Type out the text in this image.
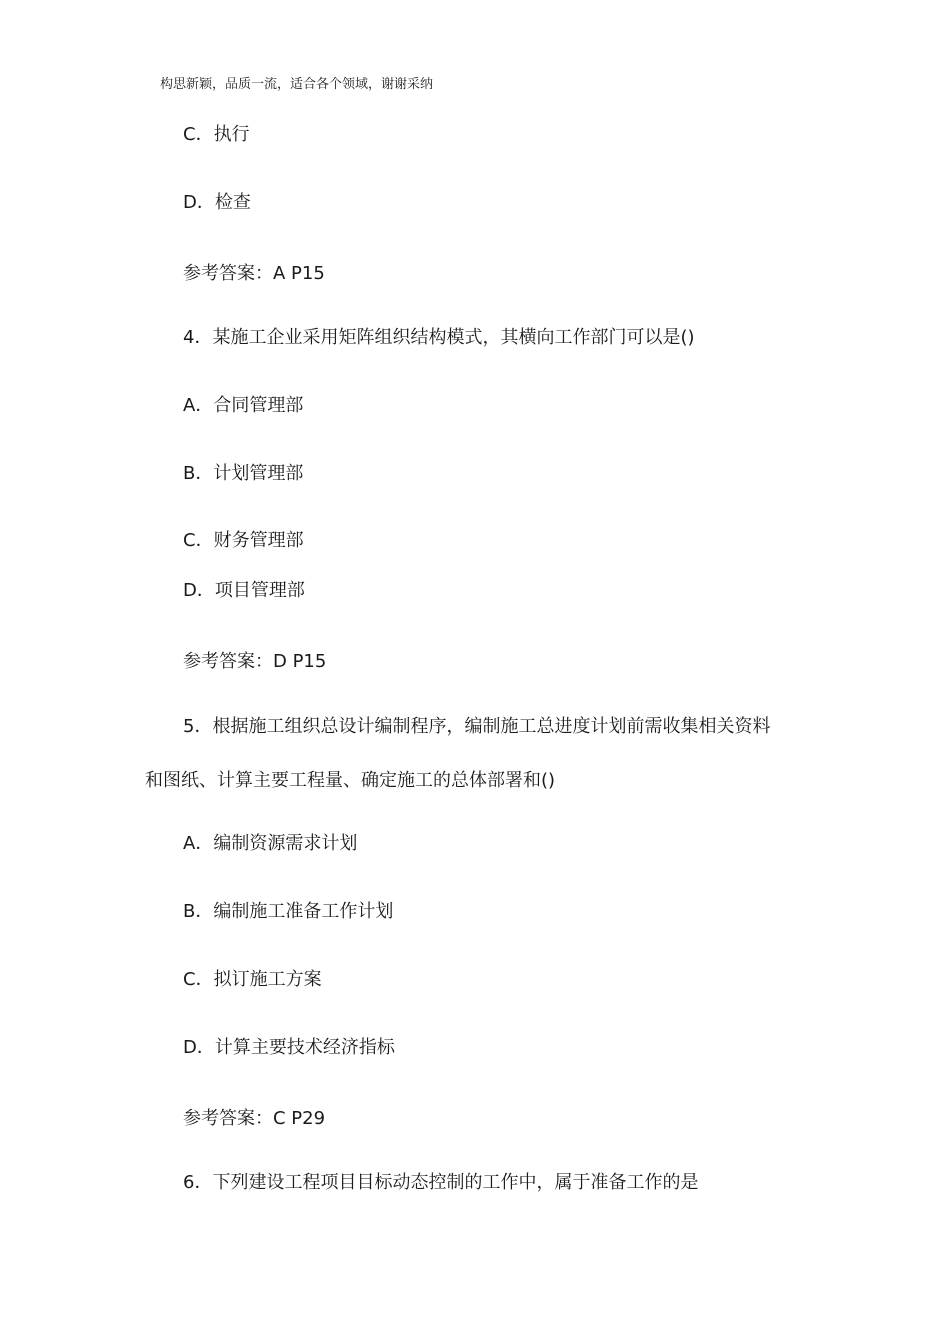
构思新颖，品质一流，适合各个领域，谢谢采纳
C．执行
D．检查
参考答案：A P15
4．某施工企业采用矩阵组织结构模式，其横向工作部门可以是()
A．合同管理部
B．计划管理部
C．财务管理部
D．项目管理部
参考答案：D P15
5．根据施工组织总设计编制程序，编制施工总进度计划前需收集相关资料
和图纸、计算主要工程量、确定施工的总体部署和()
A．编制资源需求计划
B．编制施工准备工作计划
C．拟订施工方案
D．计算主要技术经济指标
参考答案：C P29
6．下列建设工程项目目标动态控制的工作中，属于准备工作的是
